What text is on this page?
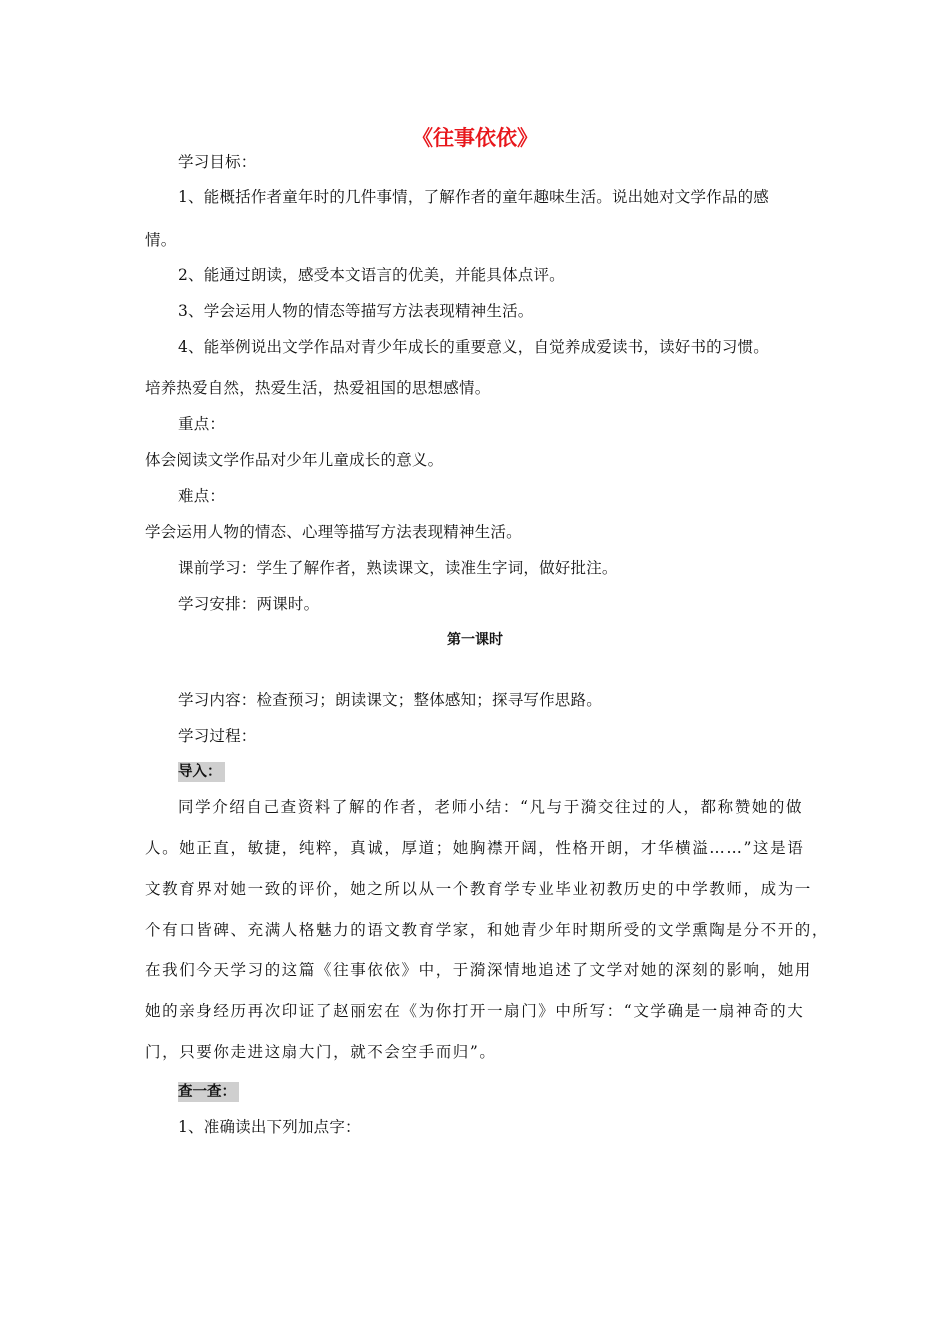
《往事依依》
学习目标：
1、能概括作者童年时的几件事情，了解作者的童年趣味生活。说出她对文学作品的感
情。
2、能通过朗读，感受本文语言的优美，并能具体点评。
3、学会运用人物的情态等描写方法表现精神生活。
4、能举例说出文学作品对青少年成长的重要意义，自觉养成爱读书，读好书的习惯。
培养热爱自然，热爱生活，热爱祖国的思想感情。
重点：
体会阅读文学作品对少年儿童成长的意义。
难点：
学会运用人物的情态、心理等描写方法表现精神生活。
课前学习：学生了解作者，熟读课文，读准生字词，做好批注。
学习安排：两课时。
第一课时
学习内容：检查预习；朗读课文；整体感知；探寻写作思路。
学习过程：
导入：
同学介绍自己查资料了解的作者，老师小结：“凡与于漪交往过的人，都称赞她的做
人。她正直，敏捷，纯粹，真诚，厚道；她胸襟开阔，性格开朗，才华横溢……”这是语
文教育界对她一致的评价，她之所以从一个教育学专业毕业初教历史的中学教师，成为一
个有口皆碑、充满人格魅力的语文教育学家，和她青少年时期所受的文学熏陶是分不开的，
在我们今天学习的这篇《往事依依》中，于漪深情地追述了文学对她的深刻的影响，她用
她的亲身经历再次印证了赵丽宏在《为你打开一扇门》中所写：“文学确是一扇神奇的大
门，只要你走进这扇大门，就不会空手而归”。
查一查：
1、准确读出下列加点字：
